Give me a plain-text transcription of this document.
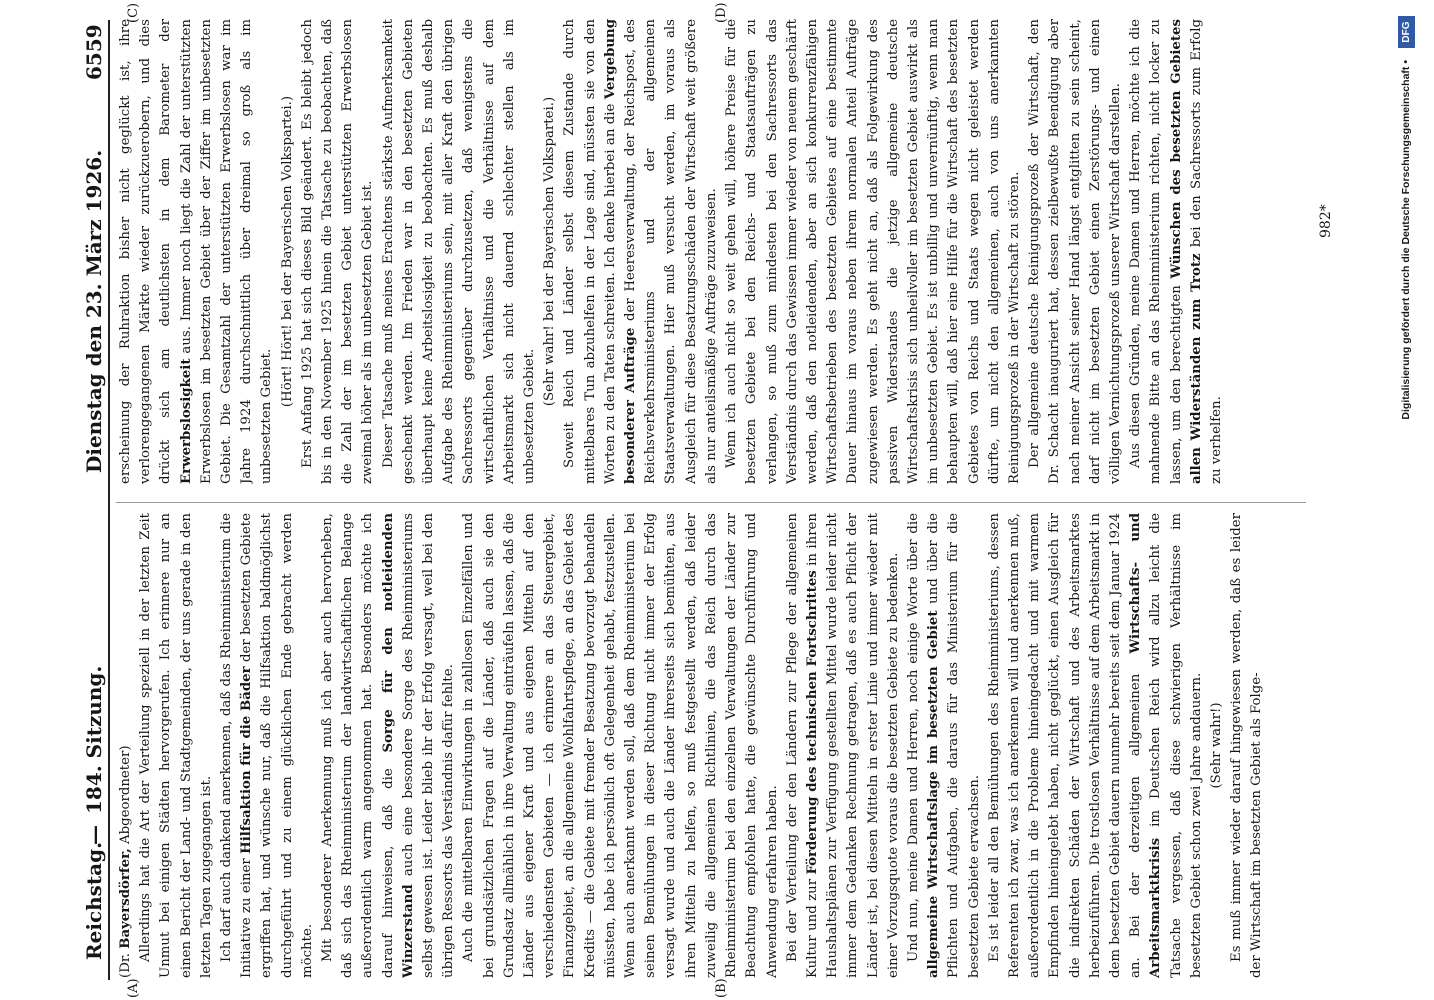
Reichstag.
—
184. Sitzung.
Dienstag den 23. März 1926.
6559
(A)	(B)
(C)	(D)

(Dr. Bayersdörfer, Abgeordneter) Allerdings hat die Art der Verteilung speziell in der letzten Zeit Unmut bei einigen Städten hervorgerufen. Ich erinnere nur an einen Bericht der Land- und Stadtgemeinden, der uns gerade in den letzten Tagen zugegangen ist. Ich darf auch dankend anerkennen, daß das Rheinministerium die Initiative zu einer Hilfsaktion für die Bäder der besetzten Gebiete ergriffen hat, und wünsche nur, daß die Hilfsaktion baldmöglichst durchgeführt und zu einem glücklichen Ende gebracht werden möchte. Mit besonderer Anerkennung muß ich aber auch hervorheben, daß sich das Rheinministerium der landwirtschaftlichen Belange außerordentlich warm angenommen hat. Besonders möchte ich darauf hinweisen, daß die Sorge für den notleidenden Winzerstand auch eine besondere Sorge des Rheinministeriums selbst gewesen ist. Leider blieb ihr der Erfolg versagt, weil bei den übrigen Ressorts das Verständnis dafür fehlte. Auch die mittelbaren Einwirkungen in zahllosen Einzelfällen und bei grundsätzlichen Fragen auf die Länder, daß auch sie den Grundsatz allmählich in ihre Verwaltung einträufeln lassen, daß die Länder aus eigener Kraft und aus eigenen Mitteln auf den verschiedensten Gebieten — ich erinnere an das Steuergebiet, Finanzgebiet, an die allgemeine Wohlfahrtspflege, an das Gebiet des Kredits — die Gebiete mit fremder Besatzung bevorzugt behandeln müssten, habe ich persönlich oft Gelegenheit gehabt, festzustellen. Wenn auch anerkannt werden soll, daß dem Rheinministerium bei seinen Bemühungen in dieser Richtung nicht immer der Erfolg versagt wurde und auch die Länder ihrerseits sich bemühten, aus ihren Mitteln zu helfen, so muß festgestellt werden, daß leider zuweilig die allgemeinen Richtlinien, die das Reich durch das Rheinministerium bei den einzelnen Verwaltungen der Länder zur Beachtung empfohlen hatte, die gewünschte Durchführung und Anwendung erfahren haben. Bei der Verteilung der den Ländern zur Pflege der allgemeinen Kultur und zur Förderung des technischen Fortschrittes in ihren Haushaltsplänen zur Verfügung gestellten Mittel wurde leider nicht immer dem Gedanken Rechnung getragen, daß es auch Pflicht der Länder ist, bei diesen Mitteln in erster Linie und immer wieder mit einer Vorzugsquote voraus die besetzten Gebiete zu bedenken. Und nun, meine Damen und Herren, noch einige Worte über die allgemeine Wirtschaftslage im besetzten Gebiet und über die Pflichten und Aufgaben, die daraus für das Ministerium für die besetzten Gebiete erwachsen. Es ist leider all den Bemühungen des Rheinministeriums, dessen Referenten ich zwar, was ich anerkennen will und anerkennen muß, außerordentlich in die Probleme hineingedacht und mit warmem Empfinden hineingelebt haben, nicht geglückt, einen Ausgleich für die indirekten Schäden der Wirtschaft und des Arbeitsmarktes herbeizuführen. Die trostlosen Verhältnisse auf dem Arbeitsmarkt in dem besetzten Gebiet dauern nunmehr bereits seit dem Januar 1924 an. Bei der derzeitigen allgemeinen Wirtschafts- und Arbeitsmarktkrisis im Deutschen Reich wird allzu leicht die Tatsache vergessen, daß diese schwierigen Verhältnisse im besetzten Gebiet schon zwei Jahre andauern. (Sehr wahr!) Es muß immer wieder darauf hingewiesen werden, daß es leider der Wirtschaft im besetzten Gebiet als Folge-

erscheinung der Ruhraktion bisher nicht geglückt ist, ihre verlorengegangenen Märkte wieder zurückzuerobern, und dies drückt sich am deutlichsten in dem Barometer der Erwerbslosigkeit aus. Immer noch liegt die Zahl der unterstützten Erwerbslosen im besetzten Gebiet über der Ziffer im unbesetzten Gebiet. Die Gesamtzahl der unterstützten Erwerbslosen war im Jahre 1924 durchschnittlich über dreimal so groß als im unbesetzten Gebiet.

(Hört! Hört! bei der Bayerischen Volkspartei.) Erst Anfang 1925 hat sich dieses Bild geändert. Es bleibt jedoch bis in den November 1925 hinein die Tatsache zu beobachten, daß die Zahl der im besetzten Gebiet unterstützten Erwerbslosen zweimal höher als im unbesetzten Gebiet ist. Dieser Tatsache muß meines Erachtens stärkste Aufmerksamkeit geschenkt werden. Im Frieden war in den besetzten Gebieten überhaupt keine Arbeitslosigkeit zu beobachten. Es muß deshalb Aufgabe des Rheinministeriums sein, mit aller Kraft den übrigen Sachressorts gegenüber durchzusetzen, daß wenigstens die wirtschaftlichen Verhältnisse und die Verhältnisse auf dem Arbeitsmarkt sich nicht dauernd schlechter stellen als im unbesetzten Gebiet.

(Sehr wahr! bei der Bayerischen Volkspartei.) Soweit Reich und Länder selbst diesem Zustande durch mittelbares Tun abzuhelfen in der Lage sind, müssten sie von den Worten zu den Taten schreiten. Ich denke hierbei an die Vergebung besonderer Aufträge der Heeresverwaltung, der Reichspost, des Reichsverkehrsministeriums und der allgemeinen Staatsverwaltungen. Hier muß versucht werden, im voraus als Ausgleich für diese Besatzungsschäden der Wirtschaft weit größere als nur anteilsmäßige Aufträge zuzuweisen. Wenn ich auch nicht so weit gehen will, höhere Preise für die besetzten Gebiete bei den Reichs- und Staatsaufträgen zu verlangen, so muß zum mindesten bei den Sachressorts das Verständnis durch das Gewissen immer wieder von neuem geschärft werden, daß den notleidenden, aber an sich konkurrenzfähigen Wirtschaftsbetrieben des besetzten Gebietes auf eine bestimmte Dauer hinaus im voraus neben ihrem normalen Anteil Aufträge zugewiesen werden. Es geht nicht an, daß als Folgewirkung des passiven Widerstandes die jetzige allgemeine deutsche Wirtschaftskrisis sich unheilvoller im besetzten Gebiet auswirkt als im unbesetzten Gebiet. Es ist unbillig und unvernünftig, wenn man behaupten will, daß hier eine Hilfe für die Wirtschaft des besetzten Gebietes von Reichs und Staats wegen nicht geleistet werden dürfte, um nicht den allgemeinen, auch von uns anerkannten Reinigungsprozeß in der Wirtschaft zu stören. Der allgemeine deutsche Reinigungsprozeß der Wirtschaft, den Dr. Schacht inauguriert hat, dessen zielbewußte Beendigung aber nach meiner Ansicht seiner Hand längst entglitten zu sein scheint, darf nicht im besetzten Gebiet einen Zerstörungs- und einen völligen Vernichtungsprozeß unserer Wirtschaft darstellen. Aus diesen Gründen, meine Damen und Herren, möchte ich die mahnende Bitte an das Rheinministerium richten, nicht locker zu lassen, um den berechtigten Wünschen des besetzten Gebietes allen Widerständen zum Trotz bei den Sachressorts zum Erfolg zu verhelfen.

982*	Digitalisierung gefördert durch die Deutsche Forschungsgemeinschaft •
DFG
